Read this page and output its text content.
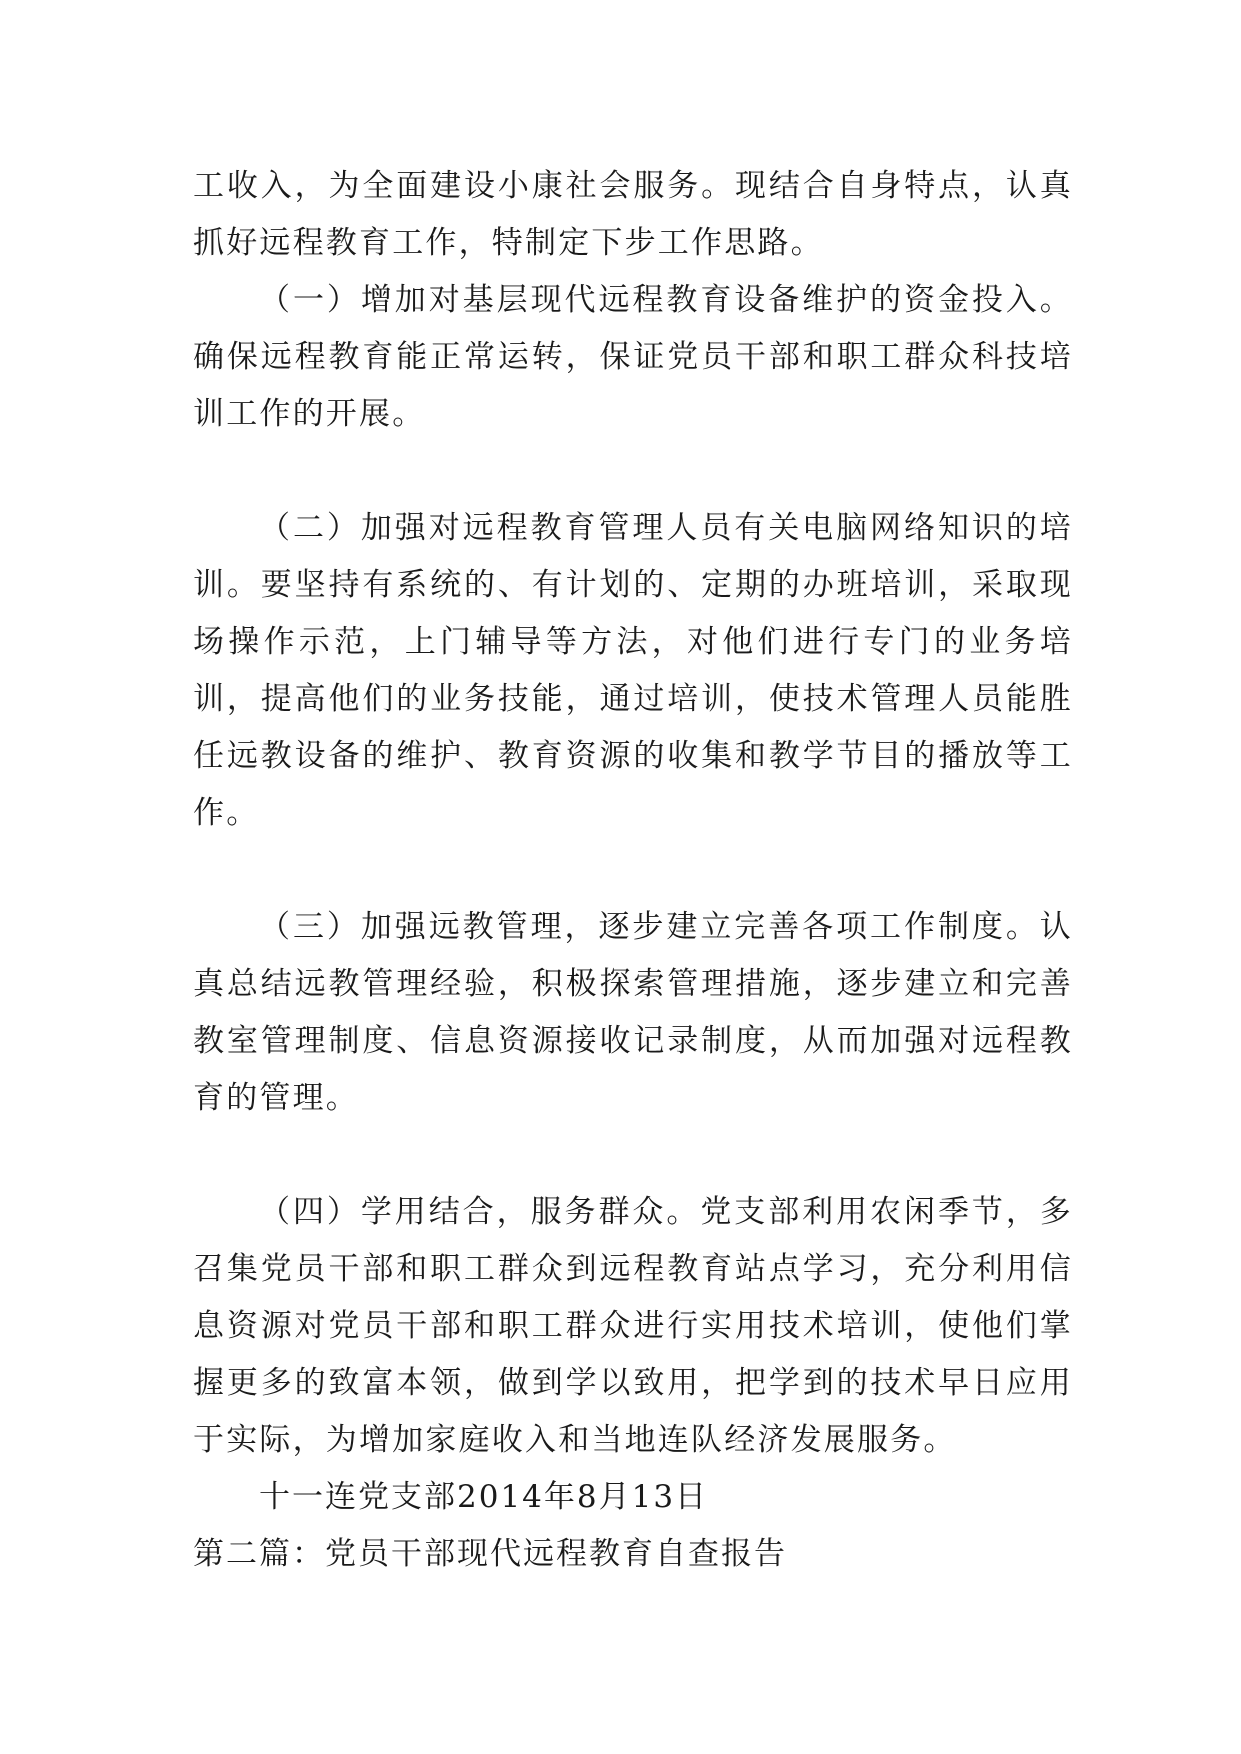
工收入，为全面建设小康社会服务。现结合自身特点，认真抓好远程教育工作，特制定下步工作思路。

（一）增加对基层现代远程教育设备维护的资金投入。确保远程教育能正常运转，保证党员干部和职工群众科技培训工作的开展。

（二）加强对远程教育管理人员有关电脑网络知识的培训。要坚持有系统的、有计划的、定期的办班培训，采取现场操作示范，上门辅导等方法，对他们进行专门的业务培训，提高他们的业务技能，通过培训，使技术管理人员能胜任远教设备的维护、教育资源的收集和教学节目的播放等工作。

（三）加强远教管理，逐步建立完善各项工作制度。认真总结远教管理经验，积极探索管理措施，逐步建立和完善教室管理制度、信息资源接收记录制度，从而加强对远程教育的管理。

（四）学用结合，服务群众。党支部利用农闲季节，多召集党员干部和职工群众到远程教育站点学习，充分利用信息资源对党员干部和职工群众进行实用技术培训，使他们掌握更多的致富本领，做到学以致用，把学到的技术早日应用于实际，为增加家庭收入和当地连队经济发展服务。

十一连党支部2014年8月13日

第二篇：党员干部现代远程教育自查报告
